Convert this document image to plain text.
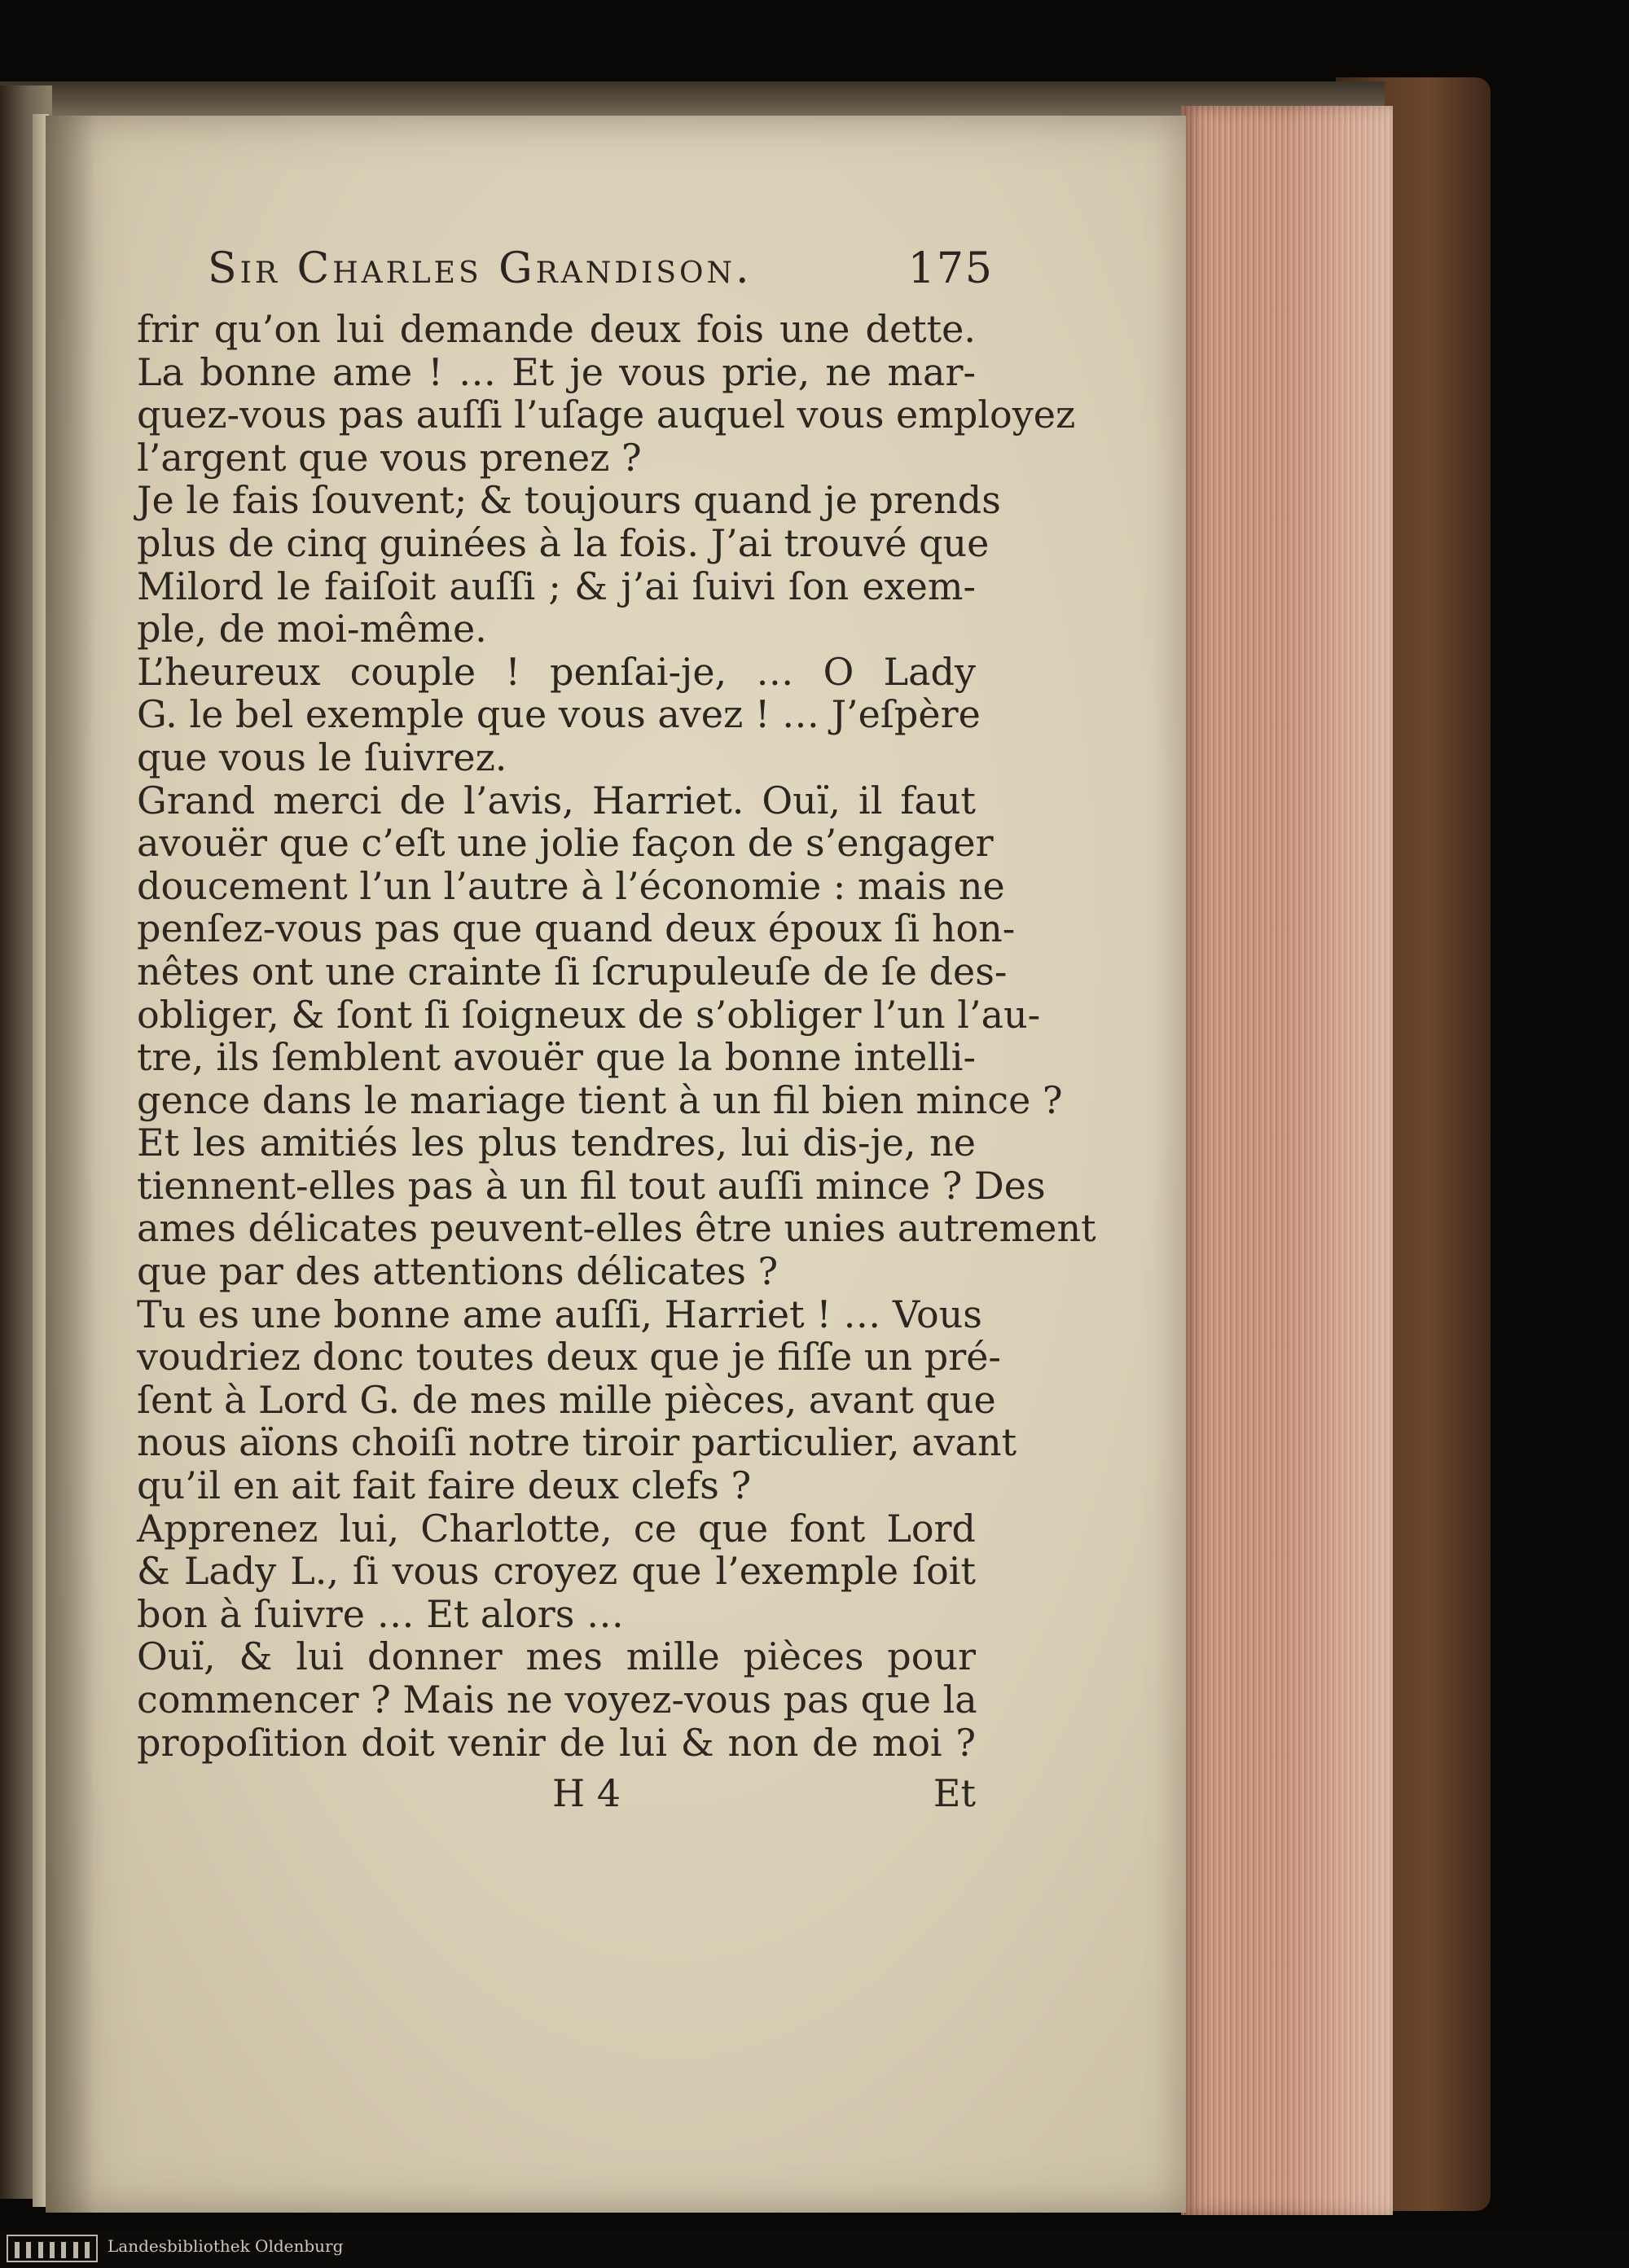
Sir Charles Grandison.	175
frir qu’on lui demande deux fois une dette.
La bonne ame ! … Et je vous prie, ne mar-
quez-vous pas auſſi l’uſage auquel vous employez
l’argent que vous prenez ?
Je le fais ſouvent; & toujours quand je prends
plus de cinq guinées à la fois. J’ai trouvé que
Milord le faiſoit auſſi ; & j’ai ſuivi ſon exem-
ple, de moi-même.
L’heureux couple ! penſai-je, … O Lady
G. le bel exemple que vous avez ! … J’eſpère
que vous le ſuivrez.
Grand merci de l’avis, Harriet. Ouï, il faut
avouër que c’eſt une jolie façon de s’engager
doucement l’un l’autre à l’économie : mais ne
penſez-vous pas que quand deux époux ſi hon-
nêtes ont une crainte ſi ſcrupuleuſe de ſe des-
obliger, & ſont ſi ſoigneux de s’obliger l’un l’au-
tre, ils ſemblent avouër que la bonne intelli-
gence dans le mariage tient à un fil bien mince ?
Et les amitiés les plus tendres, lui dis-je, ne
tiennent-elles pas à un fil tout auſſi mince ? Des
ames délicates peuvent-elles être unies autrement
que par des attentions délicates ?
Tu es une bonne ame auſſi, Harriet ! … Vous
voudriez donc toutes deux que je fiſſe un pré-
ſent à Lord G. de mes mille pièces, avant que
nous aïons choiſi notre tiroir particulier, avant
qu’il en ait fait faire deux clefs ?
Apprenez lui, Charlotte, ce que font Lord
& Lady L., ſi vous croyez que l’exemple ſoit
bon à ſuivre … Et alors …
Ouï, & lui donner mes mille pièces pour
commencer ? Mais ne voyez-vous pas que la
propoſition doit venir de lui & non de moi ?
H 4	Et
Landesbibliothek Oldenburg
